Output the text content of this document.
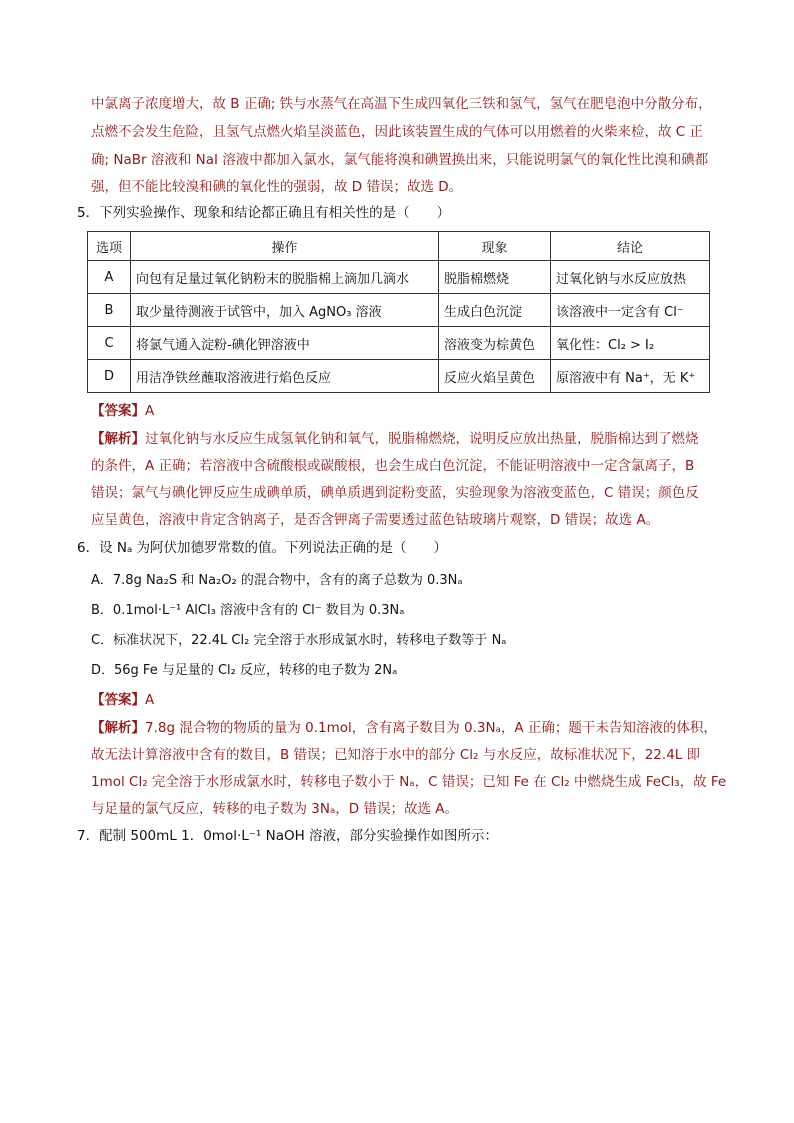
中氯离子浓度增大，故 B 正确; 铁与水蒸气在高温下生成四氧化三铁和氢气，氢气在肥皂泡中分散分布，
点燃不会发生危险，且氢气点燃火焰呈淡蓝色，因此该装置生成的气体可以用燃着的火柴来检，故 C 正
确; NaBr 溶液和 NaI 溶液中都加入氯水，氯气能将溴和碘置换出来，只能说明氯气的氧化性比溴和碘都
强，但不能比较溴和碘的氧化性的强弱，故 D 错误；故选 D。
5．下列实验操作、现象和结论都正确且有相关性的是（　　）
选项	操作	现象	结论
A	向包有足量过氧化钠粉末的脱脂棉上滴加几滴水	脱脂棉燃烧	过氧化钠与水反应放热
B	取少量待测液于试管中，加入 AgNO₃ 溶液	生成白色沉淀	该溶液中一定含有 Cl⁻
C	将氯气通入淀粉-碘化钾溶液中	溶液变为棕黄色	氧化性：Cl₂ > I₂
D	用洁净铁丝蘸取溶液进行焰色反应	反应火焰呈黄色	原溶液中有 Na⁺，无 K⁺
【答案】A
【解析】过氧化钠与水反应生成氢氧化钠和氧气，脱脂棉燃烧，说明反应放出热量，脱脂棉达到了燃烧
的条件，A 正确；若溶液中含硫酸根或碳酸根，也会生成白色沉淀，不能证明溶液中一定含氯离子，B
错误；氯气与碘化钾反应生成碘单质，碘单质遇到淀粉变蓝，实验现象为溶液变蓝色，C 错误；颜色反
应呈黄色，溶液中肯定含钠离子，是否含钾离子需要透过蓝色钴玻璃片观察，D 错误；故选 A。
6．设 Nₐ 为阿伏加德罗常数的值。下列说法正确的是（　　）
A．7.8g Na₂S 和 Na₂O₂ 的混合物中，含有的离子总数为 0.3Nₐ
B．0.1mol·L⁻¹ AlCl₃ 溶液中含有的 Cl⁻ 数目为 0.3Nₐ
C．标准状况下，22.4L Cl₂ 完全溶于水形成氯水时，转移电子数等于 Nₐ
D．56g Fe 与足量的 Cl₂ 反应，转移的电子数为 2Nₐ
【答案】A
【解析】7.8g 混合物的物质的量为 0.1mol，含有离子数目为 0.3Nₐ，A 正确；题干未告知溶液的体积，
故无法计算溶液中含有的数目，B 错误；已知溶于水中的部分 Cl₂ 与水反应，故标准状况下，22.4L 即
1mol Cl₂ 完全溶于水形成氯水时，转移电子数小于 Nₐ，C 错误；已知 Fe 在 Cl₂ 中燃烧生成 FeCl₃，故 Fe
与足量的氯气反应，转移的电子数为 3Nₐ，D 错误；故选 A。
7．配制 500mL 1．0mol·L⁻¹ NaOH 溶液，部分实验操作如图所示：
